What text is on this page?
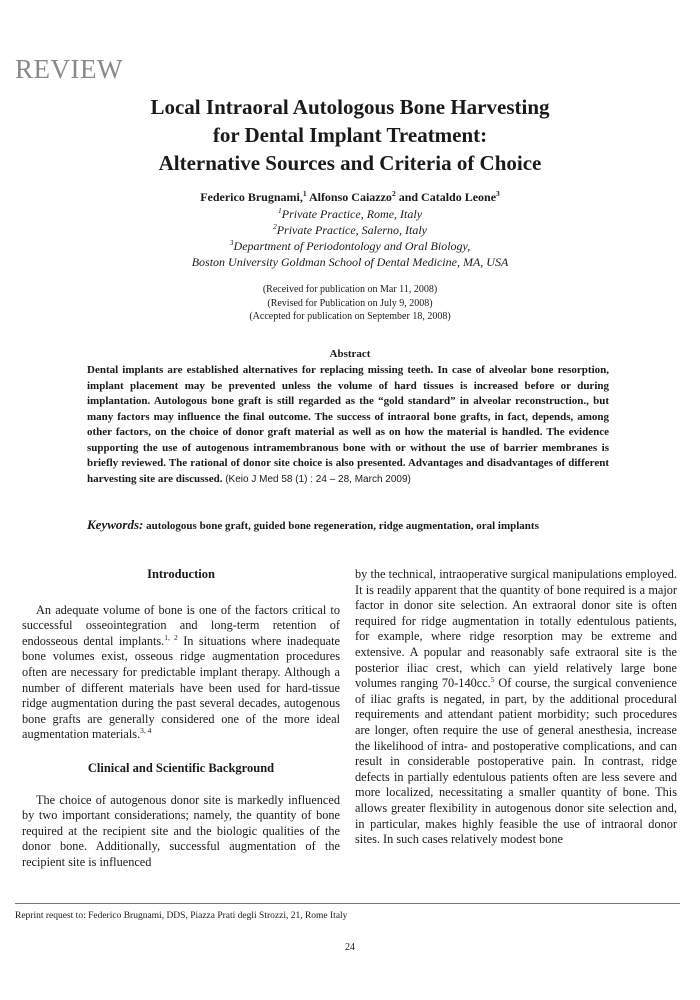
REVIEW
Local Intraoral Autologous Bone Harvesting
for Dental Implant Treatment:
Alternative Sources and Criteria of Choice
Federico Brugnami,$^1$ Alfonso Caiazzo$^2$ and Cataldo Leone$^3$
$^1$Private Practice, Rome, Italy
$^2$Private Practice, Salerno, Italy
$^3$Department of Periodontology and Oral Biology,
Boston University Goldman School of Dental Medicine, MA, USA
(Received for publication on Mar 11, 2008)
(Revised for Publication on July 9, 2008)
(Accepted for publication on September 18, 2008)
Abstract
Dental implants are established alternatives for replacing missing teeth. In case of alveolar bone resorption, implant placement may be prevented unless the volume of hard tissues is increased before or during implantation. Autologous bone graft is still regarded as the “gold standard” in alveolar reconstruction., but many factors may influence the final outcome. The success of intraoral bone grafts, in fact, depends, among other factors, on the choice of donor graft material as well as on how the material is handled. The evidence supporting the use of autogenous intramembranous bone with or without the use of barrier membranes is briefly reviewed. The rational of donor site choice is also presented. Advantages and disadvantages of different harvesting site are discussed. (Keio J Med 58 (1) : 24 – 28, March 2009)
Keywords: autologous bone graft, guided bone regeneration, ridge augmentation, oral implants
Introduction

An adequate volume of bone is one of the factors critical to successful osseointegration and long-term retention of endosseous dental implants.$^{1, 2}$ In situations where inadequate bone volumes exist, osseous ridge augmentation procedures often are necessary for predictable implant therapy. Although a number of different materials have been used for hard-tissue ridge augmentation during the past several decades, autogenous bone grafts are generally considered one of the more ideal augmentation materials.$^{3, 4}$

Clinical and Scientific Background

The choice of autogenous donor site is markedly influenced by two important considerations; namely, the quantity of bone required at the recipient site and the biologic qualities of the donor bone. Additionally, successful augmentation of the recipient site is influenced

by the technical, intraoperative surgical manipulations employed. It is readily apparent that the quantity of bone required is a major factor in donor site selection. An extraoral donor site is often required for ridge augmentation in totally edentulous patients, for example, where ridge resorption may be extreme and extensive. A popular and reasonably safe extraoral site is the posterior iliac crest, which can yield relatively large bone volumes ranging 70-140cc.$^5$ Of course, the surgical convenience of iliac grafts is negated, in part, by the additional procedural requirements and attendant patient morbidity; such procedures are longer, often require the use of general anesthesia, increase the likelihood of intra- and postoperative complications, and can result in considerable postoperative pain. In contrast, ridge defects in partially edentulous patients often are less severe and more localized, necessitating a smaller quantity of bone. This allows greater flexibility in autogenous donor site selection and, in particular, makes highly feasible the use of intraoral donor sites. In such cases relatively modest bone

Reprint request to: Federico Brugnami, DDS, Piazza Prati degli Strozzi, 21, Rome Italy
24
